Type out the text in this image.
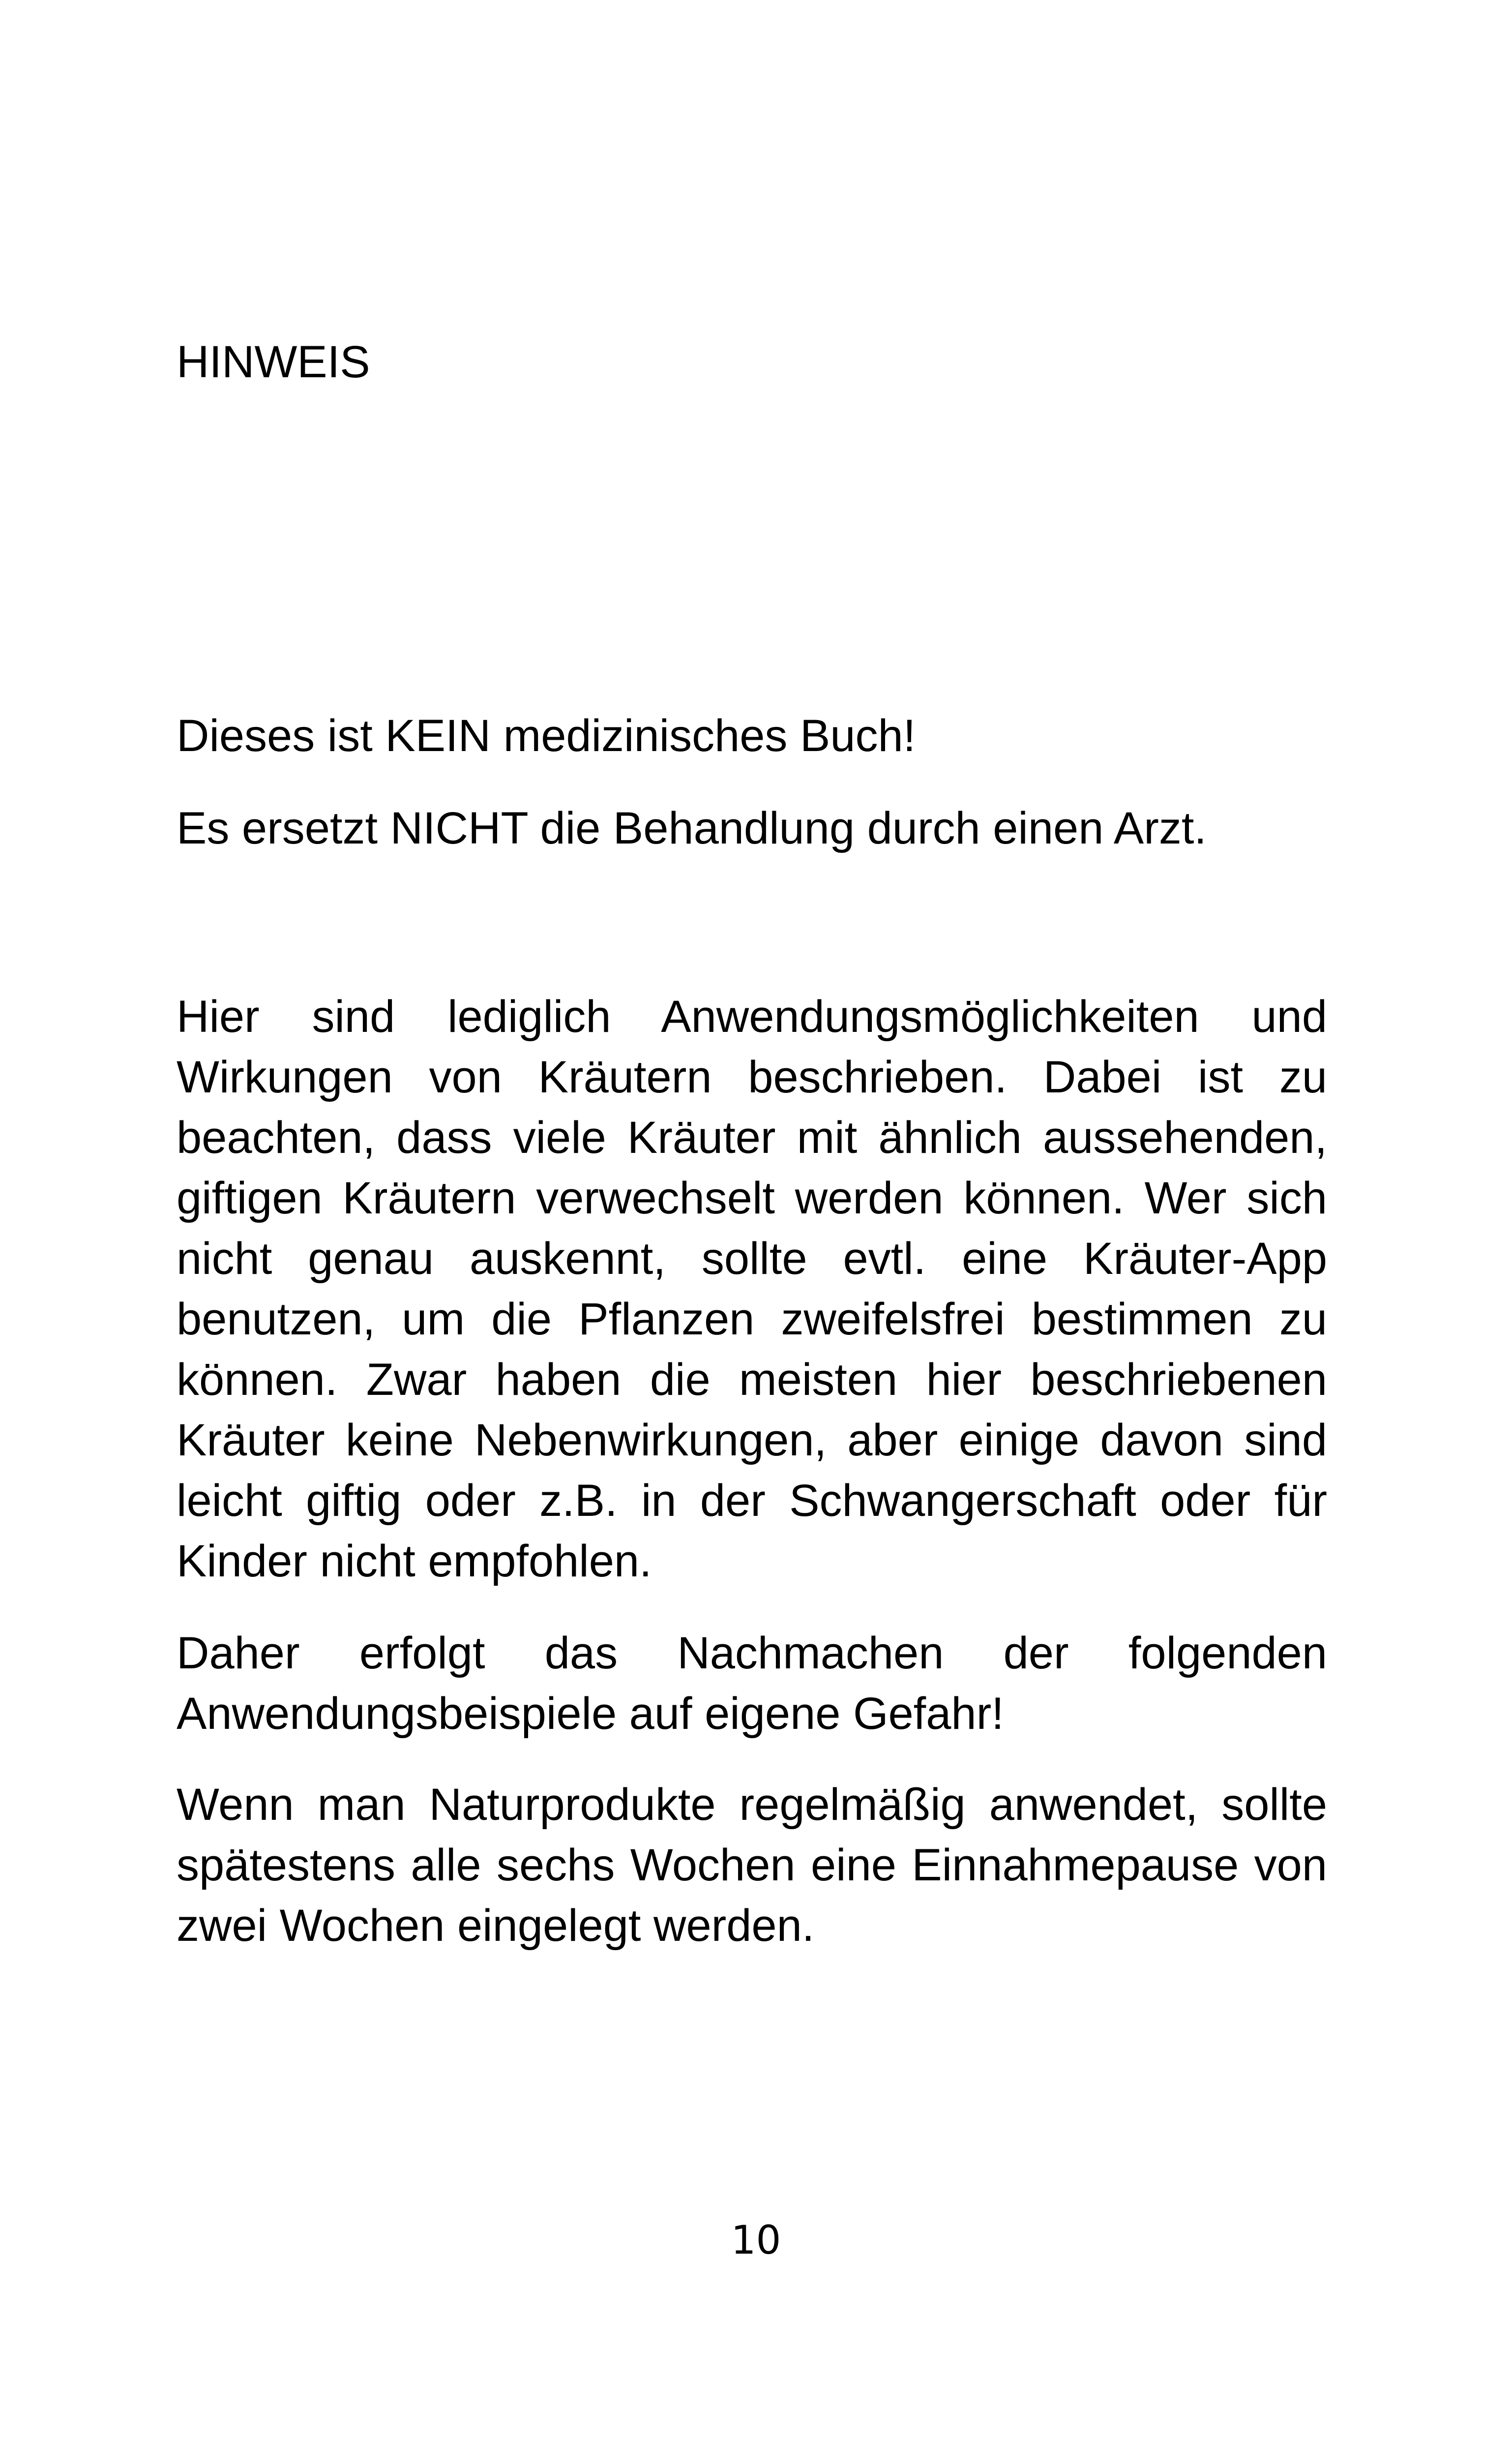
HINWEIS

Dieses ist KEIN medizinisches Buch!

Es ersetzt NICHT die Behandlung durch einen Arzt.

Hier sind lediglich Anwendungsmöglichkeiten und Wirkungen von Kräutern beschrieben. Dabei ist zu beachten, dass viele Kräuter mit ähnlich aussehenden, giftigen Kräutern verwechselt werden können. Wer sich nicht genau auskennt, sollte evtl. eine Kräuter-App benutzen, um die Pflanzen zweifelsfrei bestimmen zu können. Zwar haben die meisten hier beschriebenen Kräuter keine Nebenwirkungen, aber einige davon sind leicht giftig oder z.B. in der Schwangerschaft oder für Kinder nicht empfohlen.

Daher erfolgt das Nachmachen der folgenden Anwendungsbeispiele auf eigene Gefahr!

Wenn man Naturprodukte regelmäßig anwendet, sollte spätestens alle sechs Wochen eine Einnahmepause von zwei Wochen eingelegt werden.

10
